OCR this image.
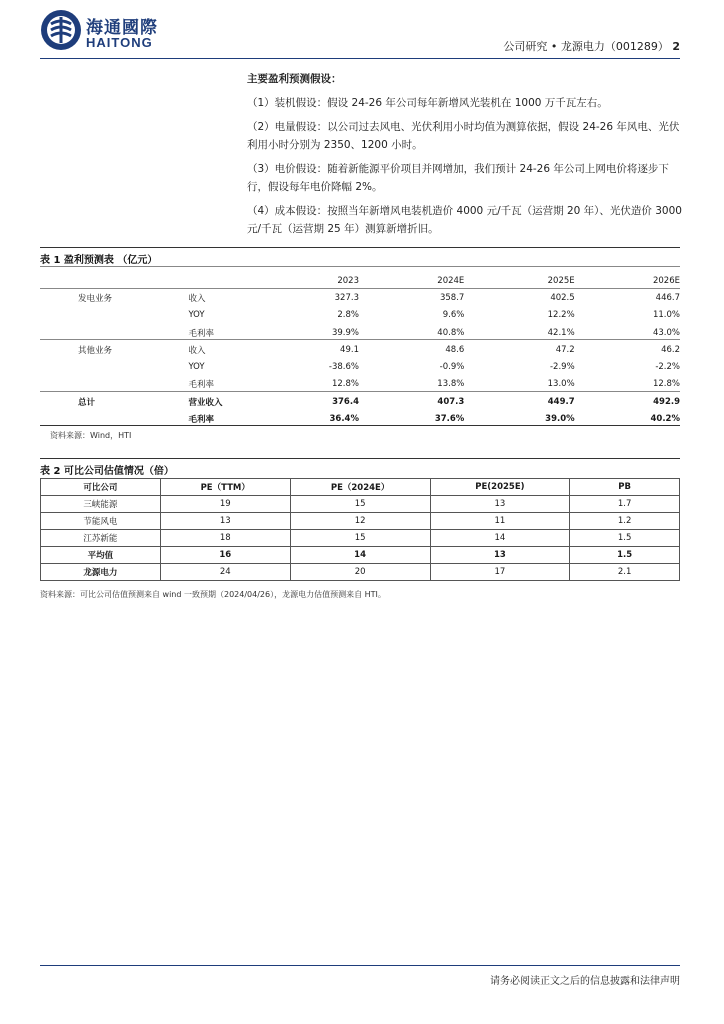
海通國際
HAITONG	公司研究 • 龙源电力（001289） 2
主要盈利预测假设：

（1）装机假设：假设 24-26 年公司每年新增风光装机在 1000 万千瓦左右。

（2）电量假设：以公司过去风电、光伏利用小时均值为测算依据，假设 24-26 年风电、光伏利用小时分别为 2350、1200 小时。

（3）电价假设：随着新能源平价项目并网增加，我们预计 24-26 年公司上网电价将逐步下行，假设每年电价降幅 2%。

（4）成本假设：按照当年新增风电装机造价 4000 元/千瓦（运营期 20 年）、光伏造价 3000 元/千瓦（运营期 25 年）测算新增折旧。

表 1 盈利预测表 （亿元）
		2023	2024E	2025E	2026E
发电业务	收入	327.3	358.7	402.5	446.7
	YOY	2.8%	9.6%	12.2%	11.0%
	毛利率	39.9%	40.8%	42.1%	43.0%
其他业务	收入	49.1	48.6	47.2	46.2
	YOY	-38.6%	-0.9%	-2.9%	-2.2%
	毛利率	12.8%	13.8%	13.0%	12.8%
总计	营业收入	376.4	407.3	449.7	492.9
	毛利率	36.4%	37.6%	39.0%	40.2%
资料来源：Wind，HTI
表 2 可比公司估值情况（倍）
可比公司	PE（TTM）	PE（2024E）	PE(2025E)	PB
三峡能源	19	15	13	1.7
节能风电	13	12	11	1.2
江苏新能	18	15	14	1.5
平均值	16	14	13	1.5
龙源电力	24	20	17	2.1
资料来源：可比公司估值预测来自 wind 一致预期（2024/04/26），龙源电力估值预测来自 HTI。
请务必阅读正文之后的信息披露和法律声明
